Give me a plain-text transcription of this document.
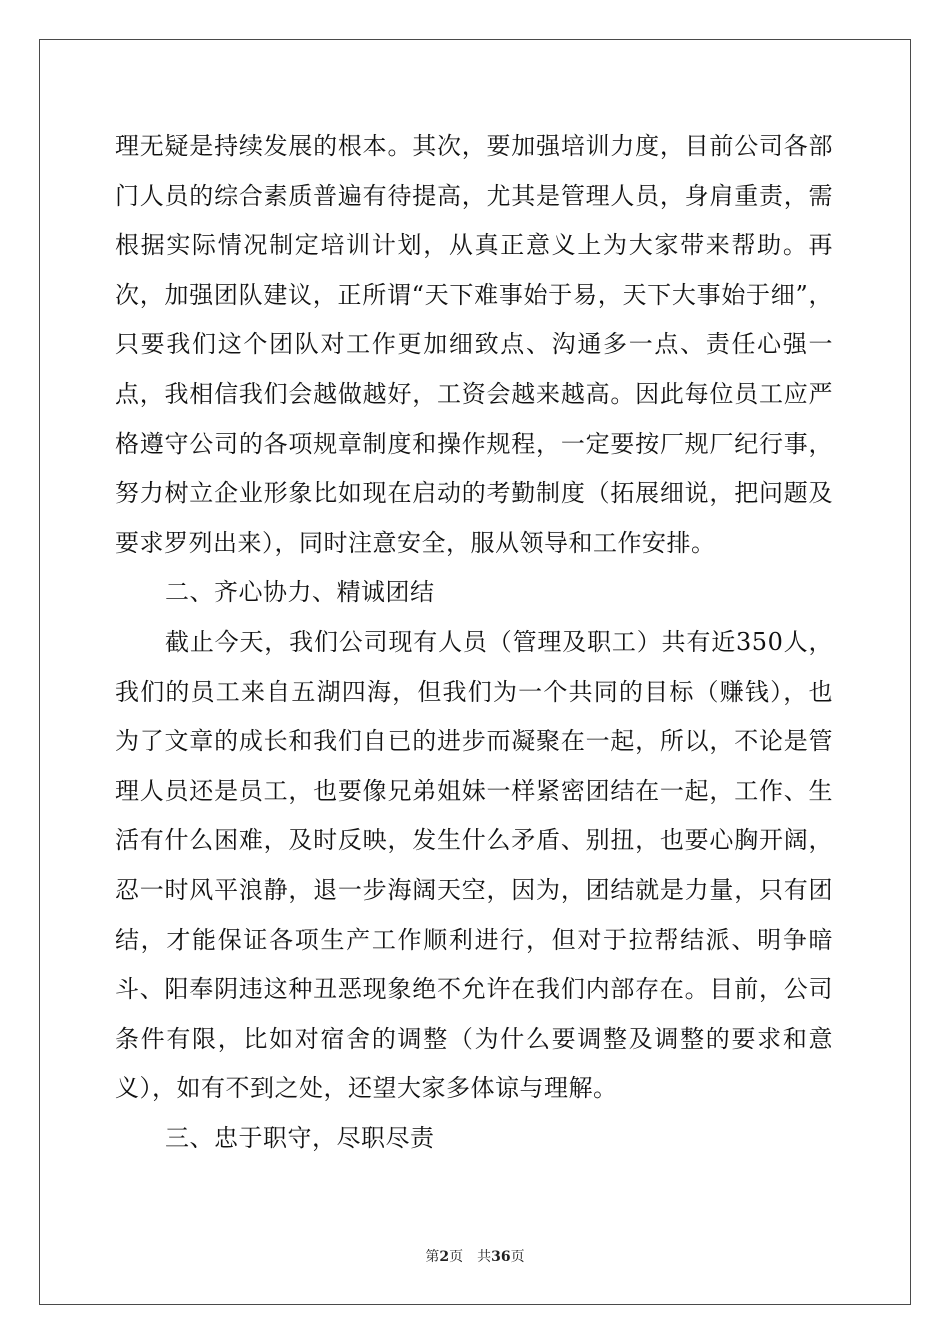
理无疑是持续发展的根本。其次，要加强培训力度，目前公司各部门人员的综合素质普遍有待提高，尤其是管理人员，身肩重责，需根据实际情况制定培训计划，从真正意义上为大家带来帮助。再次，加强团队建议，正所谓“天下难事始于易，天下大事始于细”，只要我们这个团队对工作更加细致点、沟通多一点、责任心强一点，我相信我们会越做越好，工资会越来越高。因此每位员工应严格遵守公司的各项规章制度和操作规程，一定要按厂规厂纪行事，努力树立企业形象比如现在启动的考勤制度（拓展细说，把问题及要求罗列出来），同时注意安全，服从领导和工作安排。

二、齐心协力、精诚团结

截止今天，我们公司现有人员（管理及职工）共有近350人，我们的员工来自五湖四海，但我们为一个共同的目标（赚钱），也为了文章的成长和我们自已的进步而凝聚在一起，所以，不论是管理人员还是员工，也要像兄弟姐妹一样紧密团结在一起，工作、生活有什么困难，及时反映，发生什么矛盾、别扭，也要心胸开阔，忍一时风平浪静，退一步海阔天空，因为，团结就是力量，只有团结，才能保证各项生产工作顺利进行，但对于拉帮结派、明争暗斗、阳奉阴违这种丑恶现象绝不允许在我们内部存在。目前，公司条件有限，比如对宿舍的调整（为什么要调整及调整的要求和意义），如有不到之处，还望大家多体谅与理解。

三、忠于职守，尽职尽责

第2页 共36页
